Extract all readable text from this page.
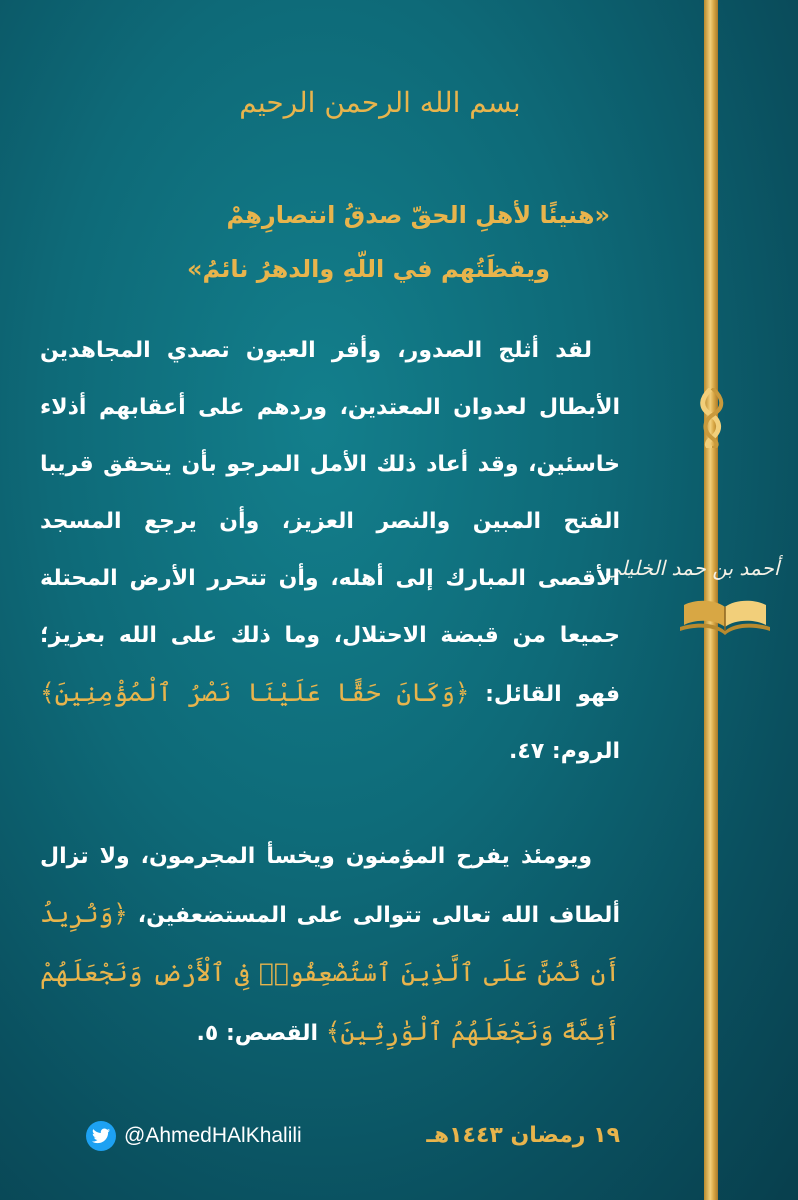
أحمد بن حمد الخليلي
بسم الله الرحمن الرحيم
«هنيئًا لأهلِ الحقّ صدقُ انتصارِهِمْ
ويقظَتُهم في اللّهِ والدهرُ نائمُ»
لقد أثلج الصدور، وأقر العيون تصدي المجاهدين الأبطال لعدوان المعتدين، وردهم على أعقابهم أذلاء خاسئين، وقد أعاد ذلك الأمل المرجو بأن يتحقق قريبا الفتح المبين والنصر العزيز، وأن يرجع المسجد الأقصى المبارك إلى أهله، وأن تتحرر الأرض المحتلة جميعا من قبضة الاحتلال، وما ذلك على الله بعزيز؛ فهو القائل: ﴿وَكَانَ حَقًّا عَلَيْنَا نَصْرُ ٱلْمُؤْمِنِينَ﴾ الروم: ٤٧.
ويومئذ يفرح المؤمنون ويخسأ المجرمون، ولا تزال ألطاف الله تعالى تتوالى على المستضعفين، ﴿وَنُرِيدُ أَن نَّمُنَّ عَلَى ٱلَّذِينَ ٱسْتُضْعِفُوا۟ فِى ٱلْأَرْضِ وَنَجْعَلَهُمْ أَئِمَّةً وَنَجْعَلَهُمُ ٱلْوَٰرِثِينَ﴾ القصص: ٥.
@AhmedHAlKhalili	١٩ رمضان ١٤٤٣هـ
